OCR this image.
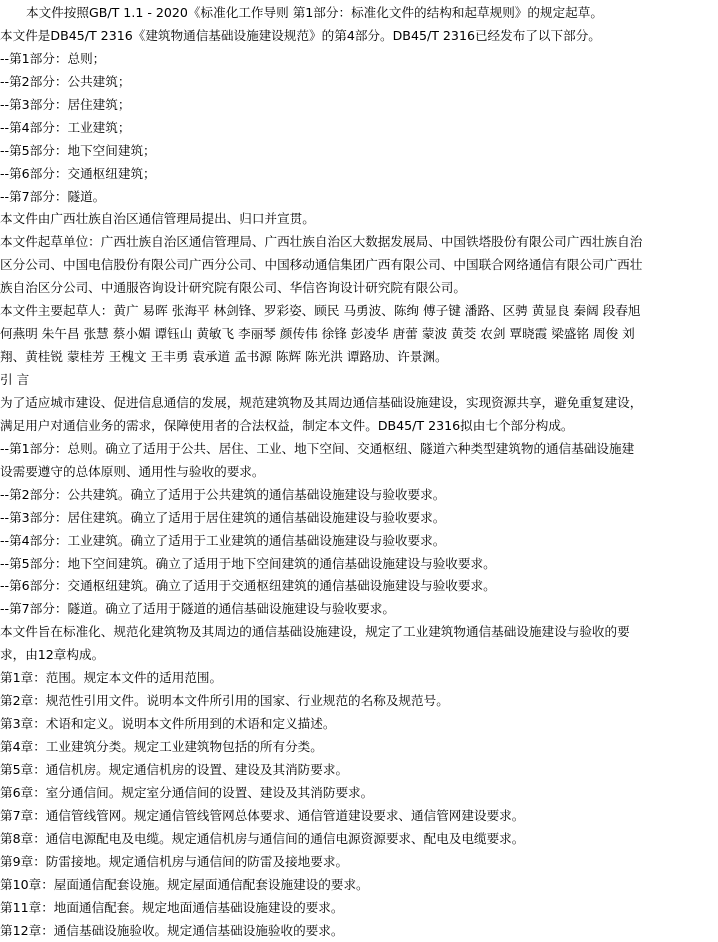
本文件按照GB/T 1.1 - 2020《标准化工作导则 第1部分：标准化文件的结构和起草规则》的规定起草。
本文件是DB45/T 2316《建筑物通信基础设施建设规范》的第4部分。DB45/T 2316已经发布了以下部分。
--第1部分：总则；
--第2部分：公共建筑；
--第3部分：居住建筑；
--第4部分：工业建筑；
--第5部分：地下空间建筑；
--第6部分：交通枢纽建筑；
--第7部分：隧道。
本文件由广西壮族自治区通信管理局提出、归口并宣贯。
本文件起草单位：广西壮族自治区通信管理局、广西壮族自治区大数据发展局、中国铁塔股份有限公司广西壮族自治
区分公司、中国电信股份有限公司广西分公司、中国移动通信集团广西有限公司、中国联合网络通信有限公司广西壮
族自治区分公司、中通服咨询设计研究院有限公司、华信咨询设计研究院有限公司。
本文件主要起草人：黄广 易晖 张海平 林剑锋、罗彩姿、顾民 马勇波、陈绚 傅子键 潘路、区骋 黄显良 秦阔 段春旭
何燕明 朱午昌 张慧 蔡小媚 谭钰山 黄敏飞 李丽琴 颜传伟 徐锋 彭凌华 唐蕾 蒙波 黄茭 农剑 覃晓霞 梁盛铭 周俊 刘
翔、黄桂锐 蒙桂芳 王槐文 王丰勇 袁承道 孟书源 陈辉 陈光洪 谭路劢、许景渊。
引 言
为了适应城市建设、促进信息通信的发展，规范建筑物及其周边通信基础设施建设，实现资源共享，避免重复建设，
满足用户对通信业务的需求，保障使用者的合法权益，制定本文件。DB45/T 2316拟由七个部分构成。
--第1部分：总则。确立了适用于公共、居住、工业、地下空间、交通枢纽、隧道六种类型建筑物的通信基础设施建
设需要遵守的总体原则、通用性与验收的要求。
--第2部分：公共建筑。确立了适用于公共建筑的通信基础设施建设与验收要求。
--第3部分：居住建筑。确立了适用于居住建筑的通信基础设施建设与验收要求。
--第4部分：工业建筑。确立了适用于工业建筑的通信基础设施建设与验收要求。
--第5部分：地下空间建筑。确立了适用于地下空间建筑的通信基础设施建设与验收要求。
--第6部分：交通枢纽建筑。确立了适用于交通枢纽建筑的通信基础设施建设与验收要求。
--第7部分：隧道。确立了适用于隧道的通信基础设施建设与验收要求。
本文件旨在标准化、规范化建筑物及其周边的通信基础设施建设，规定了工业建筑物通信基础设施建设与验收的要
求，由12章构成。
第1章：范围。规定本文件的适用范围。
第2章：规范性引用文件。说明本文件所引用的国家、行业规范的名称及规范号。
第3章：术语和定义。说明本文件所用到的术语和定义描述。
第4章：工业建筑分类。规定工业建筑物包括的所有分类。
第5章：通信机房。规定通信机房的设置、建设及其消防要求。
第6章：室分通信间。规定室分通信间的设置、建设及其消防要求。
第7章：通信管线管网。规定通信管线管网总体要求、通信管道建设要求、通信管网建设要求。
第8章：通信电源配电及电缆。规定通信机房与通信间的通信电源资源要求、配电及电缆要求。
第9章：防雷接地。规定通信机房与通信间的防雷及接地要求。
第10章：屋面通信配套设施。规定屋面通信配套设施建设的要求。
第11章：地面通信配套。规定地面通信基础设施建设的要求。
第12章：通信基础设施验收。规定通信基础设施验收的要求。
